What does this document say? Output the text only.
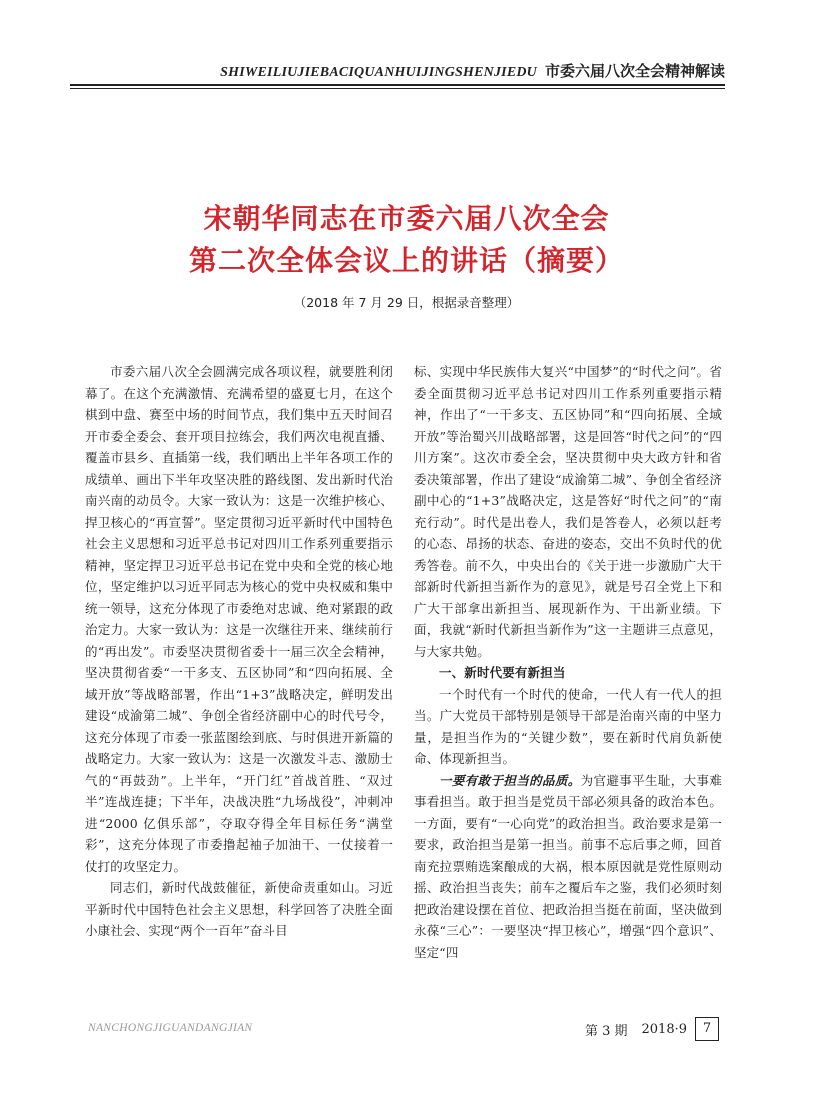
SHIWEILIUJIEBACIQUANHUIJINGSHENJIEDU 市委六届八次全会精神解读
宋朝华同志在市委六届八次全会
第二次全体会议上的讲话（摘要）
（2018 年 7 月 29 日，根据录音整理）

市委六届八次全会圆满完成各项议程，就要胜利闭幕了。在这个充满激情、充满希望的盛夏七月，在这个棋到中盘、赛至中场的时间节点，我们集中五天时间召开市委全委会、套开项目拉练会，我们两次电视直播、覆盖市县乡、直插第一线，我们晒出上半年各项工作的成绩单、画出下半年攻坚决胜的路线图、发出新时代治南兴南的动员令。大家一致认为：这是一次维护核心、捍卫核心的“再宣誓”。坚定贯彻习近平新时代中国特色社会主义思想和习近平总书记对四川工作系列重要指示精神，坚定捍卫习近平总书记在党中央和全党的核心地位，坚定维护以习近平同志为核心的党中央权威和集中统一领导，这充分体现了市委绝对忠诚、绝对紧跟的政治定力。大家一致认为：这是一次继往开来、继续前行的“再出发”。市委坚决贯彻省委十一届三次全会精神，坚决贯彻省委“一干多支、五区协同”和“四向拓展、全域开放”等战略部署，作出“1+3”战略决定，鲜明发出建设“成渝第二城”、争创全省经济副中心的时代号令，这充分体现了市委一张蓝图绘到底、与时俱进开新篇的战略定力。大家一致认为：这是一次激发斗志、激励士气的“再鼓劲”。上半年，“开门红”首战首胜、“双过半”连战连捷；下半年，决战决胜“九场战役”，冲刺冲进“2000 亿俱乐部”，夺取夺得全年目标任务“满堂彩”，这充分体现了市委撸起袖子加油干、一仗接着一仗打的攻坚定力。

同志们，新时代战鼓催征，新使命责重如山。习近平新时代中国特色社会主义思想，科学回答了决胜全面小康社会、实现“两个一百年”奋斗目

标、实现中华民族伟大复兴“中国梦”的“时代之问”。省委全面贯彻习近平总书记对四川工作系列重要指示精神，作出了“一干多支、五区协同”和“四向拓展、全域开放”等治蜀兴川战略部署，这是回答“时代之问”的“四川方案”。这次市委全会，坚决贯彻中央大政方针和省委决策部署，作出了建设“成渝第二城”、争创全省经济副中心的“1+3”战略决定，这是答好“时代之问”的“南充行动”。时代是出卷人，我们是答卷人，必须以赶考的心态、昂扬的状态、奋进的姿态，交出不负时代的优秀答卷。前不久，中央出台的《关于进一步激励广大干部新时代新担当新作为的意见》，就是号召全党上下和广大干部拿出新担当、展现新作为、干出新业绩。下面，我就“新时代新担当新作为”这一主题讲三点意见，与大家共勉。

一、新时代要有新担当

一个时代有一个时代的使命，一代人有一代人的担当。广大党员干部特别是领导干部是治南兴南的中坚力量，是担当作为的“关键少数”，要在新时代肩负新使命、体现新担当。

一要有敢于担当的品质。为官避事平生耻，大事难事看担当。敢于担当是党员干部必须具备的政治本色。一方面，要有“一心向党”的政治担当。政治要求是第一要求，政治担当是第一担当。前事不忘后事之师，回首南充拉票贿选案酿成的大祸，根本原因就是党性原则动摇、政治担当丧失；前车之覆后车之鉴，我们必须时刻把政治建设摆在首位、把政治担当挺在前面，坚决做到永葆“三心”：一要坚决“捍卫核心”，增强“四个意识”、坚定“四

NANCHONGJIGUANDANGJIAN	第 3 期 2018·9	7
